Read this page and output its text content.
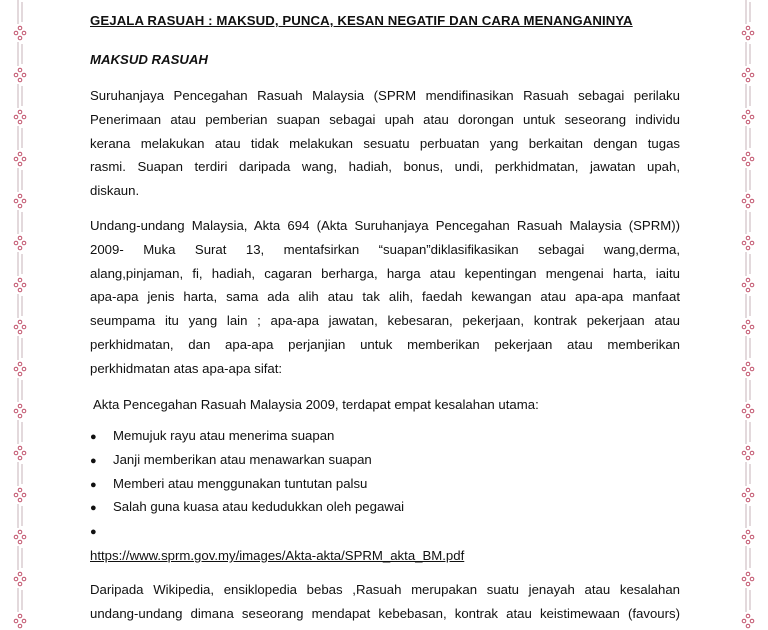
GEJALA RASUAH : MAKSUD, PUNCA, KESAN NEGATIF DAN CARA MENANGANINYA
MAKSUD RASUAH
Suruhanjaya Pencegahan Rasuah Malaysia (SPRM mendifinasikan Rasuah sebagai perilaku
Penerimaan atau pemberian suapan sebagai upah atau dorongan untuk seseorang individu
kerana melakukan atau tidak melakukan sesuatu perbuatan yang berkaitan dengan tugas
rasmi. Suapan terdiri daripada wang, hadiah, bonus, undi, perkhidmatan, jawatan upah,
diskaun.
Undang-undang Malaysia, Akta 694 (Akta Suruhanjaya Pencegahan Rasuah Malaysia (SPRM))
2009- Muka Surat 13, mentafsirkan “suapan”diklasifikasikan sebagai wang,derma,
alang,pinjaman, fi, hadiah, cagaran berharga, harga atau kepentingan mengenai harta, iaitu
apa-apa jenis harta, sama ada alih atau tak alih, faedah kewangan atau apa-apa manfaat
seumpama itu yang lain ; apa-apa jawatan, kebesaran, pekerjaan, kontrak pekerjaan atau
perkhidmatan, dan apa-apa perjanjian untuk memberikan pekerjaan atau memberikan
perkhidmatan atas apa-apa sifat:
Akta Pencegahan Rasuah Malaysia 2009, terdapat empat kesalahan utama:
● Memujuk rayu atau menerima suapan
● Janji memberikan atau menawarkan suapan
● Memberi atau menggunakan tuntutan palsu
● Salah guna kuasa atau kedudukkan oleh pegawai
●
https://www.sprm.gov.my/images/Akta-akta/SPRM_akta_BM.pdf
Daripada Wikipedia, ensiklopedia bebas ,Rasuah merupakan suatu jenayah atau kesalahan
undang-undang dimana seseorang mendapat kebebasan, kontrak atau keistimewaan (favours)
